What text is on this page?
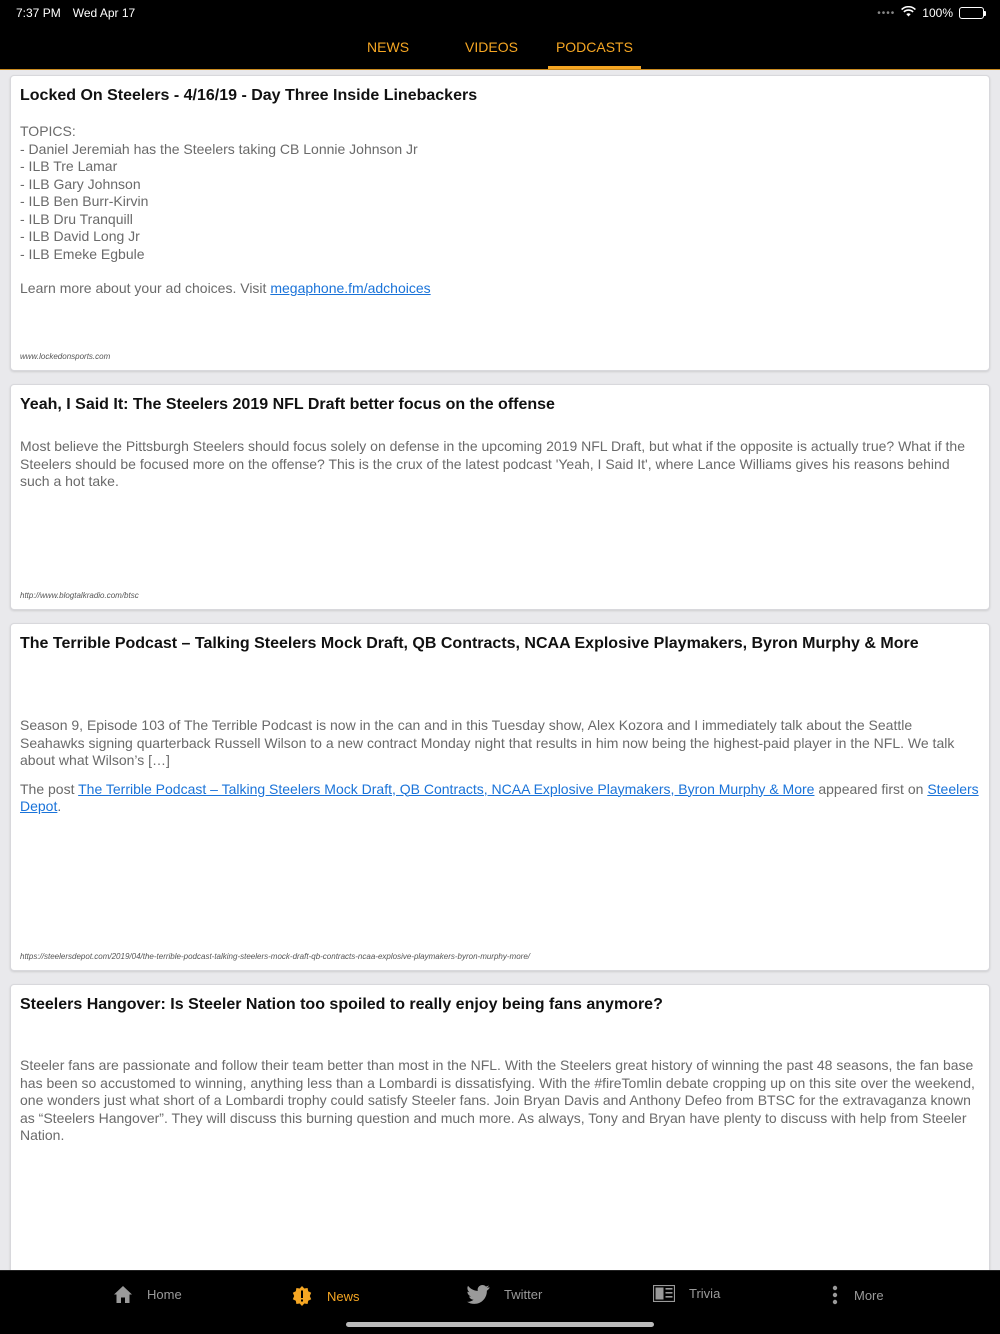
7:37 PM Wed Apr 17	•••• 100%
NEWS	VIDEOS	PODCASTS
Locked On Steelers - 4/16/19 - Day Three Inside Linebackers

TOPICS:

- Daniel Jeremiah has the Steelers taking CB Lonnie Johnson Jr

- ILB Tre Lamar

- ILB Gary Johnson

- ILB Ben Burr-Kirvin

- ILB Dru Tranquill

- ILB David Long Jr

- ILB Emeke Egbule

Learn more about your ad choices. Visit megaphone.fm/adchoices

www.lockedonsports.com
Yeah, I Said It: The Steelers 2019 NFL Draft better focus on the offense

Most believe the Pittsburgh Steelers should focus solely on defense in the upcoming 2019 NFL Draft, but what if the opposite is actually true? What if the Steelers should be focused more on the offense? This is the crux of the latest podcast 'Yeah, I Said It', where Lance Williams gives his reasons behind such a hot take.

http://www.blogtalkradio.com/btsc
The Terrible Podcast – Talking Steelers Mock Draft, QB Contracts, NCAA Explosive Playmakers, Byron Murphy & More

Season 9, Episode 103 of The Terrible Podcast is now in the can and in this Tuesday show, Alex Kozora and I immediately talk about the Seattle Seahawks signing quarterback Russell Wilson to a new contract Monday night that results in him now being the highest-paid player in the NFL. We talk about what Wilson’s […]

The post The Terrible Podcast – Talking Steelers Mock Draft, QB Contracts, NCAA Explosive Playmakers, Byron Murphy & More appeared first on Steelers Depot.

https://steelersdepot.com/2019/04/the-terrible-podcast-talking-steelers-mock-draft-qb-contracts-ncaa-explosive-playmakers-byron-murphy-more/
Steelers Hangover: Is Steeler Nation too spoiled to really enjoy being fans anymore?

Steeler fans are passionate and follow their team better than most in the NFL. With the Steelers great history of winning the past 48 seasons, the fan base has been so accustomed to winning, anything less than a Lombardi is dissatisfying. With the #fireTomlin debate cropping up on this site over the weekend, one wonders just what short of a Lombardi trophy could satisfy Steeler fans. Join Bryan Davis and Anthony Defeo from BTSC for the extravaganza known as “Steelers Hangover”. They will discuss this burning question and much more. As always, Tony and Bryan have plenty to discuss with help from Steeler Nation.

Home	News	Twitter	Trivia	More
